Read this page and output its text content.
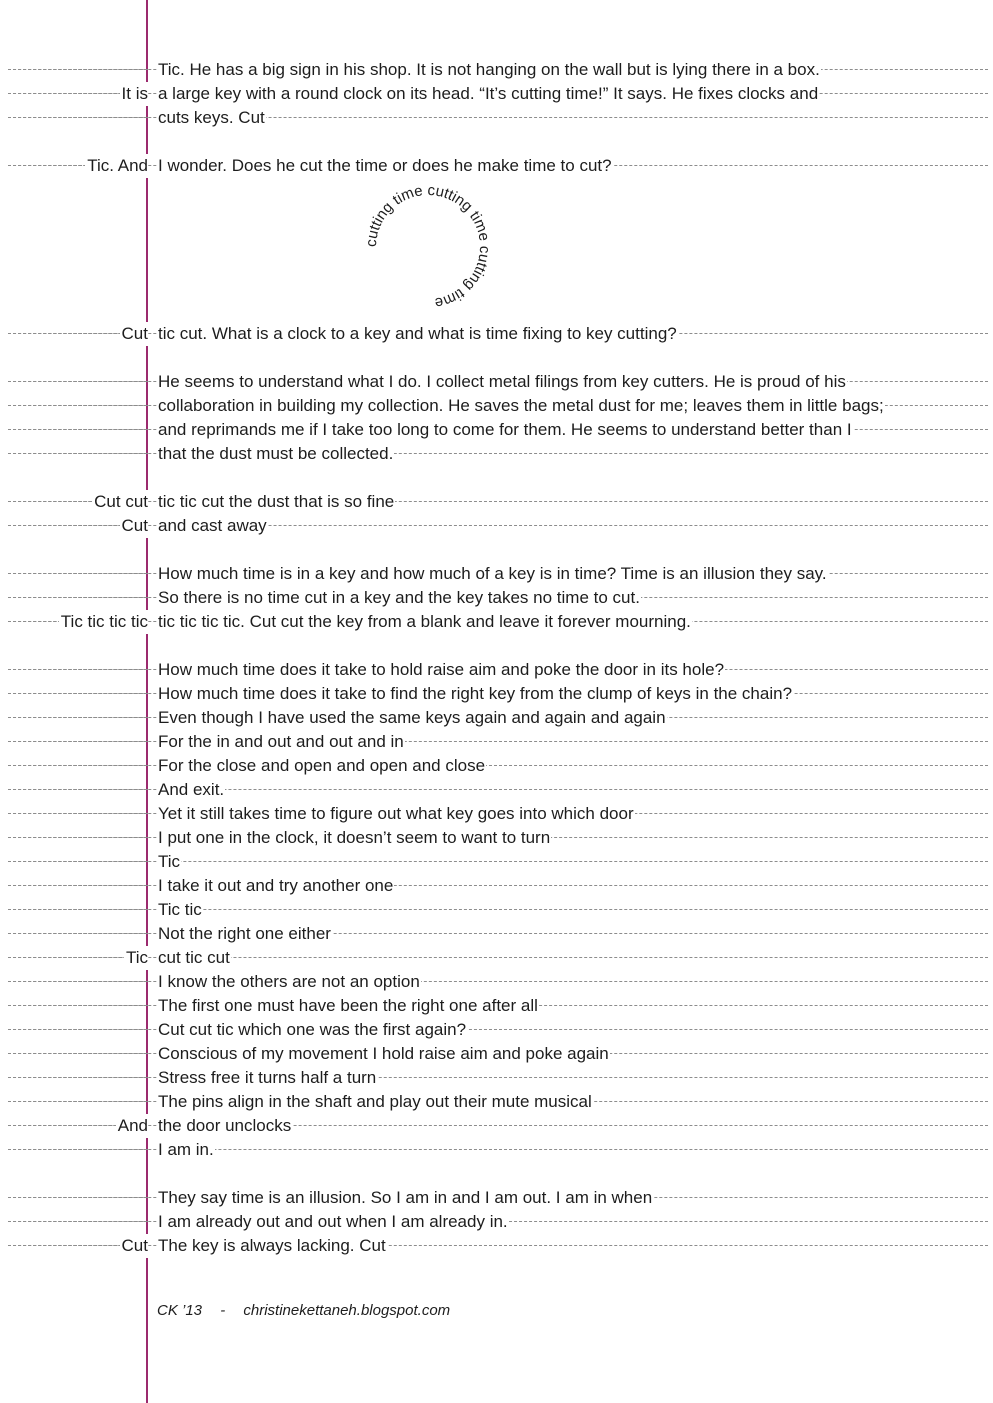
Tic. He has a big sign in his shop. It is not hanging on the wall but is lying there in a box.
It is a large key with a round clock on its head. “It’s cutting time!” It says. He fixes clocks and
cuts keys. Cut
Tic. And I wonder. Does he cut the time or does he make time to cut?
Cut tic cut. What is a clock to a key and what is time fixing to key cutting?
He seems to understand what I do. I collect metal filings from key cutters. He is proud of his
collaboration in building my collection. He saves the metal dust for me; leaves them in little bags;
and reprimands me if I take too long to come for them. He seems to understand better than I
that the dust must be collected.
Cut cut tic tic cut the dust that is so fine
Cut and cast away
How much time is in a key and how much of a key is in time? Time is an illusion they say.
So there is no time cut in a key and the key takes no time to cut.
Tic tic tic tic tic tic tic tic. Cut cut the key from a blank and leave it forever mourning.
How much time does it take to hold raise aim and poke the door in its hole?
How much time does it take to find the right key from the clump of keys in the chain?
Even though I have used the same keys again and again and again
For the in and out and out and in
For the close and open and open and close
And exit.
Yet it still takes time to figure out what key goes into which door
I put one in the clock, it doesn’t seem to want to turn
Tic
I take it out and try another one
Tic tic
Not the right one either
Tic cut tic cut
I know the others are not an option
The first one must have been the right one after all
Cut cut tic which one was the first again?
Conscious of my movement I hold raise aim and poke again
Stress free it turns half a turn
The pins align in the shaft and play out their mute musical
And the door unclocks
I am in.
They say time is an illusion. So I am in and I am out. I am in when
I am already out and out when I am already in.
Cut The key is always lacking. Cut
cutting time cutting time cutting time
CK ’13 - christinekettaneh.blogspot.com
